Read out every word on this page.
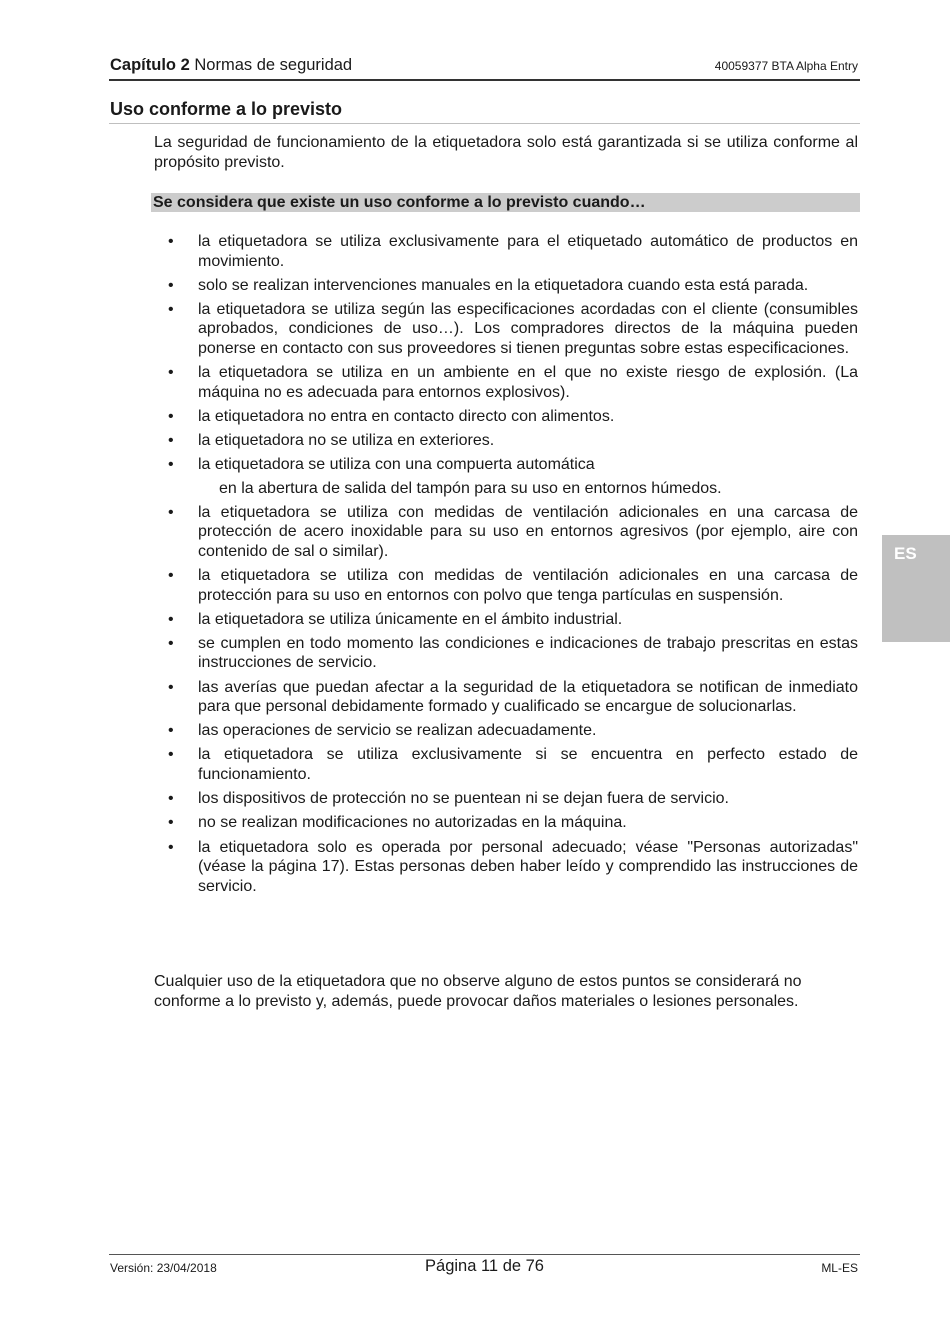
Capítulo 2 Normas de seguridad	40059377 BTA Alpha Entry
Uso conforme a lo previsto
La seguridad de funcionamiento de la etiquetadora solo está garantizada si se utiliza conforme al propósito previsto.
Se considera que existe un uso conforme a lo previsto cuando…
• la etiquetadora se utiliza exclusivamente para el etiquetado automático de productos en movimiento.
• solo se realizan intervenciones manuales en la etiquetadora cuando esta está parada.
• la etiquetadora se utiliza según las especificaciones acordadas con el cliente (consumibles aprobados, condiciones de uso…). Los compradores directos de la máquina pueden ponerse en contacto con sus proveedores si tienen preguntas sobre estas especificaciones.
• la etiquetadora se utiliza en un ambiente en el que no existe riesgo de explosión. (La máquina no es adecuada para entornos explosivos).
• la etiquetadora no entra en contacto directo con alimentos.
• la etiquetadora no se utiliza en exteriores.
• la etiquetadora se utiliza con una compuerta automática
en la abertura de salida del tampón para su uso en entornos húmedos.
• la etiquetadora se utiliza con medidas de ventilación adicionales en una carcasa de protección de acero inoxidable para su uso en entornos agresivos (por ejemplo, aire con contenido de sal o similar).
• la etiquetadora se utiliza con medidas de ventilación adicionales en una carcasa de protección para su uso en entornos con polvo que tenga partículas en suspensión.
• la etiquetadora se utiliza únicamente en el ámbito industrial.
• se cumplen en todo momento las condiciones e indicaciones de trabajo prescritas en estas instrucciones de servicio.
• las averías que puedan afectar a la seguridad de la etiquetadora se notifican de inmediato para que personal debidamente formado y cualificado se encargue de solucionarlas.
• las operaciones de servicio se realizan adecuadamente.
• la etiquetadora se utiliza exclusivamente si se encuentra en perfecto estado de funcionamiento.
• los dispositivos de protección no se puentean ni se dejan fuera de servicio.
• no se realizan modificaciones no autorizadas en la máquina.
• la etiquetadora solo es operada por personal adecuado; véase "Personas autorizadas" (véase la página 17). Estas personas deben haber leído y comprendido las instrucciones de servicio.
Cualquier uso de la etiquetadora que no observe alguno de estos puntos se considerará no conforme a lo previsto y, además, puede provocar daños materiales o lesiones personales.
ES
Versión: 23/04/2018	Página 11 de 76	ML-ES
